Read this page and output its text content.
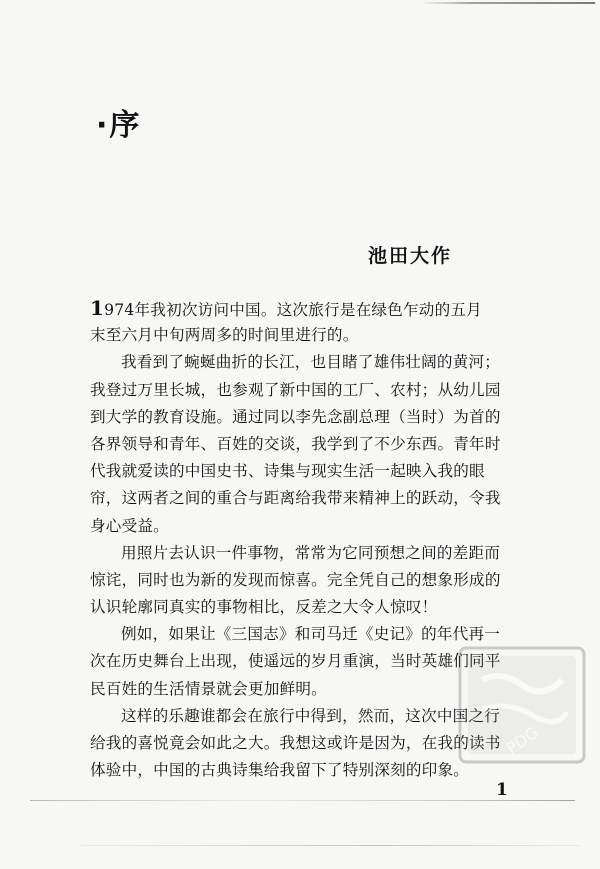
·序
池田大作
1974年我初次访问中国。这次旅行是在绿色乍动的五月
末至六月中旬两周多的时间里进行的。
我看到了蜿蜒曲折的长江，也目睹了雄伟壮阔的黄河；
我登过万里长城，也参观了新中国的工厂、农村；从幼儿园
到大学的教育设施。通过同以李先念副总理（当时）为首的
各界领导和青年、百姓的交谈，我学到了不少东西。青年时
代我就爱读的中国史书、诗集与现实生活一起映入我的眼
帘，这两者之间的重合与距离给我带来精神上的跃动，令我
身心受益。
用照片去认识一件事物，常常为它同预想之间的差距而
惊诧，同时也为新的发现而惊喜。完全凭自己的想象形成的
认识轮廓同真实的事物相比，反差之大令人惊叹！
例如，如果让《三国志》和司马迁《史记》的年代再一
次在历史舞台上出现，使遥远的岁月重演，当时英雄们同平
民百姓的生活情景就会更加鲜明。
这样的乐趣谁都会在旅行中得到，然而，这次中国之行
给我的喜悦竟会如此之大。我想这或许是因为，在我的读书
体验中，中国的古典诗集给我留下了特别深刻的印象。
1
PDG
